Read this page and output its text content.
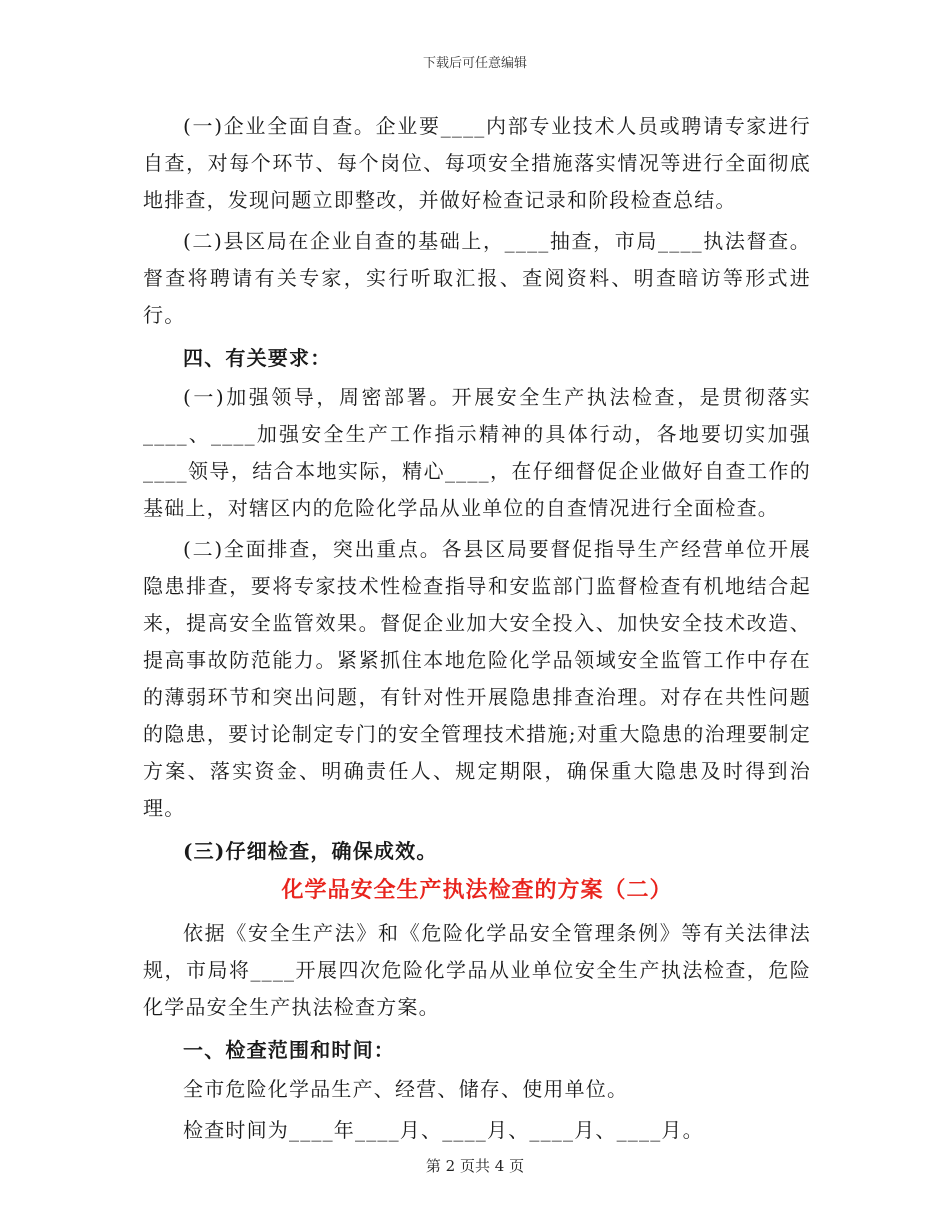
下载后可任意编辑

(一)企业全面自查。企业要____内部专业技术人员或聘请专家进行自查，对每个环节、每个岗位、每项安全措施落实情况等进行全面彻底地排查，发现问题立即整改，并做好检查记录和阶段检查总结。

(二)县区局在企业自查的基础上，____抽查，市局____执法督查。督查将聘请有关专家，实行听取汇报、查阅资料、明查暗访等形式进行。

四、有关要求：

(一)加强领导，周密部署。开展安全生产执法检查，是贯彻落实____、____加强安全生产工作指示精神的具体行动，各地要切实加强____领导，结合本地实际，精心____，在仔细督促企业做好自查工作的基础上，对辖区内的危险化学品从业单位的自查情况进行全面检查。

(二)全面排查，突出重点。各县区局要督促指导生产经营单位开展隐患排查，要将专家技术性检查指导和安监部门监督检查有机地结合起来，提高安全监管效果。督促企业加大安全投入、加快安全技术改造、提高事故防范能力。紧紧抓住本地危险化学品领域安全监管工作中存在的薄弱环节和突出问题，有针对性开展隐患排查治理。对存在共性问题的隐患，要讨论制定专门的安全管理技术措施;对重大隐患的治理要制定方案、落实资金、明确责任人、规定期限，确保重大隐患及时得到治理。

(三)仔细检查，确保成效。

化学品安全生产执法检查的方案（二）

依据《安全生产法》和《危险化学品安全管理条例》等有关法律法规，市局将____开展四次危险化学品从业单位安全生产执法检查，危险化学品安全生产执法检查方案。

一、检查范围和时间：

全市危险化学品生产、经营、储存、使用单位。

检查时间为____年____月、____月、____月、____月。

第 2 页共 4 页
